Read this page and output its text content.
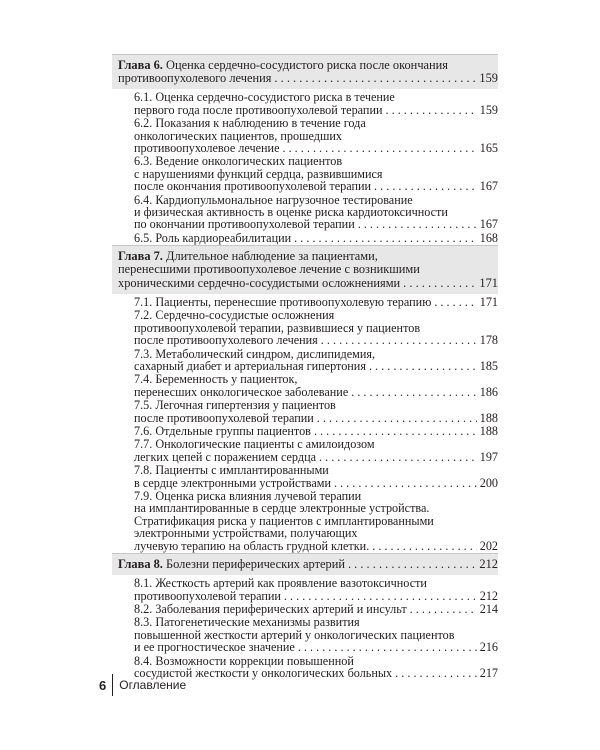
Глава 6. Оценка сердечно-сосудистого риска после окончания
противоопухолевого лечения . . .	159
6.1. Оценка сердечно-сосудистого риска в течение
первого года после противоопухолевой терапии . . .	159
6.2. Показания к наблюдению в течение года
онкологических пациентов, прошедших
противоопухолевое лечение . . .	165
6.3. Ведение онкологических пациентов
с нарушениями функций сердца, развившимися
после окончания противоопухолевой терапии . . .	167
6.4. Кардиопульмональное нагрузочное тестирование
и физическая активность в оценке риска кардиотоксичности
по окончании противоопухолевой терапии . . .	167
6.5. Роль кардиореабилитации . . .	168
Глава 7. Длительное наблюдение за пациентами,
перенесшими противоопухолевое лечение с возникшими
хроническими сердечно-сосудистыми осложнениями . . .	171
7.1. Пациенты, перенесшие противоопухолевую терапию . . .	171
7.2. Сердечно-сосудистые осложнения
противоопухолевой терапии, развившиеся у пациентов
после противоопухолевого лечения . . .	178
7.3. Метаболический синдром, дислипидемия,
сахарный диабет и артериальная гипертония . . .	185
7.4. Беременность у пациенток,
перенесших онкологическое заболевание . . .	186
7.5. Легочная гипертензия у пациентов
после противоопухолевой терапии . . .	188
7.6. Отдельные группы пациентов . . .	188
7.7. Онкологические пациенты с амилоидозом
легких цепей с поражением сердца . . .	197
7.8. Пациенты с имплантированными
в сердце электронными устройствами . . .	200
7.9. Оценка риска влияния лучевой терапии
на имплантированные в сердце электронные устройства.
Стратификация риска у пациентов с имплантированными
электронными устройствами, получающих
лучевую терапию на область грудной клетки. . . .	202
Глава 8. Болезни периферических артерий . . .	212
8.1. Жесткость артерий как проявление вазотоксичности
противоопухолевой терапии . . .	212
8.2. Заболевания периферических артерий и инсульт . . .	214
8.3. Патогенетические механизмы развития
повышенной жесткости артерий у онкологических пациентов
и ее прогностическое значение . . .	216
8.4. Возможности коррекции повышенной
сосудистой жесткости у онкологических больных . . .	217
6	Оглавление
